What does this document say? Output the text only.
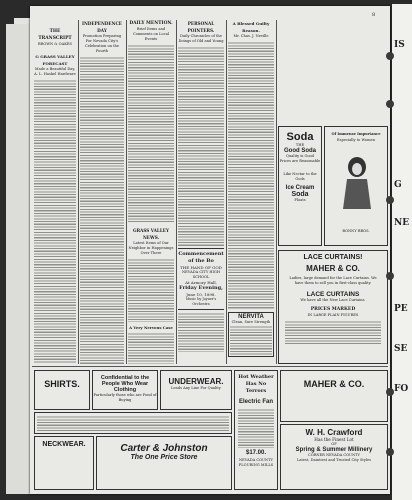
THE TRANSCRIPT
BROWN & OAKES
G GRASS VALLEY FORECAST
Made a Beautiful Day, A. L. Haskel Hardware
INDEPENDENCE DAY
Promotion Preparing For Nevada City's Celebration on the Fourth
DAILY MENTION.
Brief Items and Comments on Local Events
GRASS VALLEY NEWS.
Latest Items of Our Neighbor in Happenings Over There
A Very Nervous Case
PERSONAL POINTERS.
Daily Chronicles of the Doings of Old and Young
Commencement of the Bo
THE HAND OF GOD
NEVADA CITY HIGH SCHOOL
At Armory Hall,
Friday Evening,
June 10, 1898.
Music by Joyner's Orchestra
A Blessed Guilty Reason.
Mr. Chas. J. Neville
NERVITA
Clean, Sure Strength
Soda
THE
Good Soda
Quality is Good
Prices are Reasonable
Like Nectar to the Gods
Ice Cream
Soda
Floats
Of Immense Importance
Especially to Women
BONNY BROS.
LACE CURTAINS!
MAHER & CO.
Ladies, large demand for the Lace Curtains. We have them to sell you in first-class quality.
LACE CURTAINS
We have all the New Lace Curtains.
PRICES MARKED
IN LARGE PLAIN FIGURES
SHIRTS.
Confidential to the
People Who Wear Clothing
Particularly those who are Fond of Buying
UNDERWEAR.
Leads Any Line For Quality
Hot Weather Has No Terrors
Electric Fan
$17.00.
NEVADA COUNTY FLOURING MILLS
MAHER & CO.
W. H. Crawford
Has the Finest Lot
OF
Spring & Summer Millinery
CORNER NEVADA COUNTY
Latest, Daintiest and Trusted City Styles
NECKWEAR.	Carter & Johnston
The One Price Store
8
IS
G
NE
PE
SE
FO
